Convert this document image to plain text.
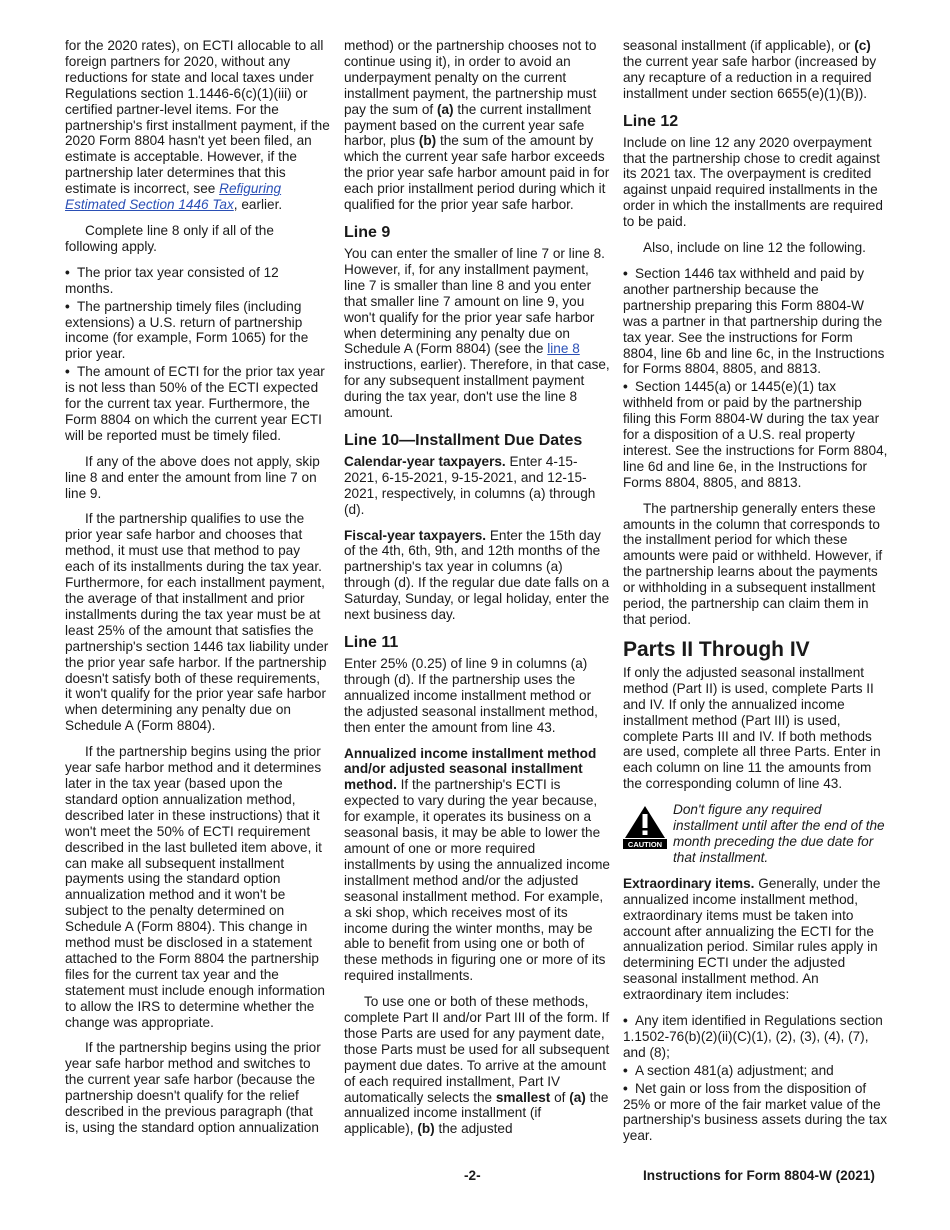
for the 2020 rates), on ECTI allocable to all foreign partners for 2020, without any reductions for state and local taxes under Regulations section 1.1446-6(c)(1)(iii) or certified partner-level items. For the partnership's first installment payment, if the 2020 Form 8804 hasn't yet been filed, an estimate is acceptable. However, if the partnership later determines that this estimate is incorrect, see Refiguring Estimated Section 1446 Tax, earlier.

Complete line 8 only if all of the following apply.

• The prior tax year consisted of 12 months.
• The partnership timely files (including extensions) a U.S. return of partnership income (for example, Form 1065) for the prior year.
• The amount of ECTI for the prior tax year is not less than 50% of the ECTI expected for the current tax year. Furthermore, the Form 8804 on which the current year ECTI will be reported must be timely filed.

If any of the above does not apply, skip line 8 and enter the amount from line 7 on line 9.

If the partnership qualifies to use the prior year safe harbor and chooses that method, it must use that method to pay each of its installments during the tax year. Furthermore, for each installment payment, the average of that installment and prior installments during the tax year must be at least 25% of the amount that satisfies the partnership's section 1446 tax liability under the prior year safe harbor. If the partnership doesn't satisfy both of these requirements, it won't qualify for the prior year safe harbor when determining any penalty due on Schedule A (Form 8804).

If the partnership begins using the prior year safe harbor method and it determines later in the tax year (based upon the standard option annualization method, described later in these instructions) that it won't meet the 50% of ECTI requirement described in the last bulleted item above, it can make all subsequent installment payments using the standard option annualization method and it won't be subject to the penalty determined on Schedule A (Form 8804). This change in method must be disclosed in a statement attached to the Form 8804 the partnership files for the current tax year and the statement must include enough information to allow the IRS to determine whether the change was appropriate.

If the partnership begins using the prior year safe harbor method and switches to the current year safe harbor (because the partnership doesn't qualify for the relief described in the previous paragraph (that is, using the standard option annualization

method) or the partnership chooses not to continue using it), in order to avoid an underpayment penalty on the current installment payment, the partnership must pay the sum of (a) the current installment payment based on the current year safe harbor, plus (b) the sum of the amount by which the current year safe harbor exceeds the prior year safe harbor amount paid in for each prior installment period during which it qualified for the prior year safe harbor.

Line 9

You can enter the smaller of line 7 or line 8. However, if, for any installment payment, line 7 is smaller than line 8 and you enter that smaller line 7 amount on line 9, you won't qualify for the prior year safe harbor when determining any penalty due on Schedule A (Form 8804) (see the line 8 instructions, earlier). Therefore, in that case, for any subsequent installment payment during the tax year, don't use the line 8 amount.

Line 10—Installment Due Dates

Calendar-year taxpayers. Enter 4-15-2021, 6-15-2021, 9-15-2021, and 12-15-2021, respectively, in columns (a) through (d).

Fiscal-year taxpayers. Enter the 15th day of the 4th, 6th, 9th, and 12th months of the partnership's tax year in columns (a) through (d). If the regular due date falls on a Saturday, Sunday, or legal holiday, enter the next business day.

Line 11

Enter 25% (0.25) of line 9 in columns (a) through (d). If the partnership uses the annualized income installment method or the adjusted seasonal installment method, then enter the amount from line 43.

Annualized income installment method and/or adjusted seasonal installment method. If the partnership's ECTI is expected to vary during the year because, for example, it operates its business on a seasonal basis, it may be able to lower the amount of one or more required installments by using the annualized income installment method and/or the adjusted seasonal installment method. For example, a ski shop, which receives most of its income during the winter months, may be able to benefit from using one or both of these methods in figuring one or more of its required installments.

To use one or both of these methods, complete Part II and/or Part III of the form. If those Parts are used for any payment date, those Parts must be used for all subsequent payment due dates. To arrive at the amount of each required installment, Part IV automatically selects the smallest of (a) the annualized income installment (if applicable), (b) the adjusted

seasonal installment (if applicable), or (c) the current year safe harbor (increased by any recapture of a reduction in a required installment under section 6655(e)(1)(B)).

Line 12

Include on line 12 any 2020 overpayment that the partnership chose to credit against its 2021 tax. The overpayment is credited against unpaid required installments in the order in which the installments are required to be paid.

Also, include on line 12 the following.

• Section 1446 tax withheld and paid by another partnership because the partnership preparing this Form 8804-W was a partner in that partnership during the tax year. See the instructions for Form 8804, line 6b and line 6c, in the Instructions for Forms 8804, 8805, and 8813.
• Section 1445(a) or 1445(e)(1) tax withheld from or paid by the partnership filing this Form 8804-W during the tax year for a disposition of a U.S. real property interest. See the instructions for Form 8804, line 6d and line 6e, in the Instructions for Forms 8804, 8805, and 8813.

The partnership generally enters these amounts in the column that corresponds to the installment period for which these amounts were paid or withheld. However, if the partnership learns about the payments or withholding in a subsequent installment period, the partnership can claim them in that period.

Parts II Through IV

If only the adjusted seasonal installment method (Part II) is used, complete Parts II and IV. If only the annualized income installment method (Part III) is used, complete Parts III and IV. If both methods are used, complete all three Parts. Enter in each column on line 11 the amounts from the corresponding column of line 43.

CAUTION
Don't figure any required installment until after the end of the month preceding the due date for that installment.

Extraordinary items. Generally, under the annualized income installment method, extraordinary items must be taken into account after annualizing the ECTI for the annualization period. Similar rules apply in determining ECTI under the adjusted seasonal installment method. An extraordinary item includes:

• Any item identified in Regulations section 1.1502-76(b)(2)(ii)(C)(1), (2), (3), (4), (7), and (8);
• A section 481(a) adjustment; and
• Net gain or loss from the disposition of 25% or more of the fair market value of the partnership's business assets during the tax year.
-2-	Instructions for Form 8804-W (2021)
